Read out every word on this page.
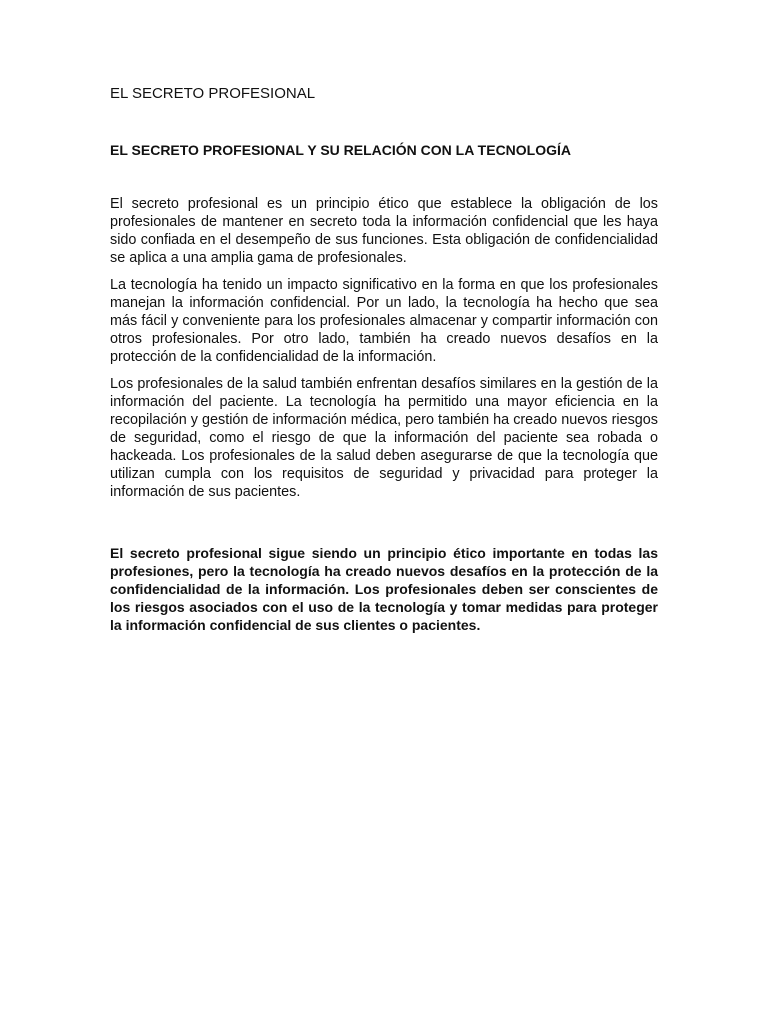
EL SECRETO PROFESIONAL
EL SECRETO PROFESIONAL Y SU RELACIÓN CON LA TECNOLOGÍA

El secreto profesional es un principio ético que establece la obligación de los profesionales de mantener en secreto toda la información confidencial que les haya sido confiada en el desempeño de sus funciones. Esta obligación de confidencialidad se aplica a una amplia gama de profesionales.

La tecnología ha tenido un impacto significativo en la forma en que los profesionales manejan la información confidencial. Por un lado, la tecnología ha hecho que sea más fácil y conveniente para los profesionales almacenar y compartir información con otros profesionales. Por otro lado, también ha creado nuevos desafíos en la protección de la confidencialidad de la información.

Los profesionales de la salud también enfrentan desafíos similares en la gestión de la información del paciente. La tecnología ha permitido una mayor eficiencia en la recopilación y gestión de información médica, pero también ha creado nuevos riesgos de seguridad, como el riesgo de que la información del paciente sea robada o hackeada. Los profesionales de la salud deben asegurarse de que la tecnología que utilizan cumpla con los requisitos de seguridad y privacidad para proteger la información de sus pacientes.

El secreto profesional sigue siendo un principio ético importante en todas las profesiones, pero la tecnología ha creado nuevos desafíos en la protección de la confidencialidad de la información. Los profesionales deben ser conscientes de los riesgos asociados con el uso de la tecnología y tomar medidas para proteger la información confidencial de sus clientes o pacientes.
